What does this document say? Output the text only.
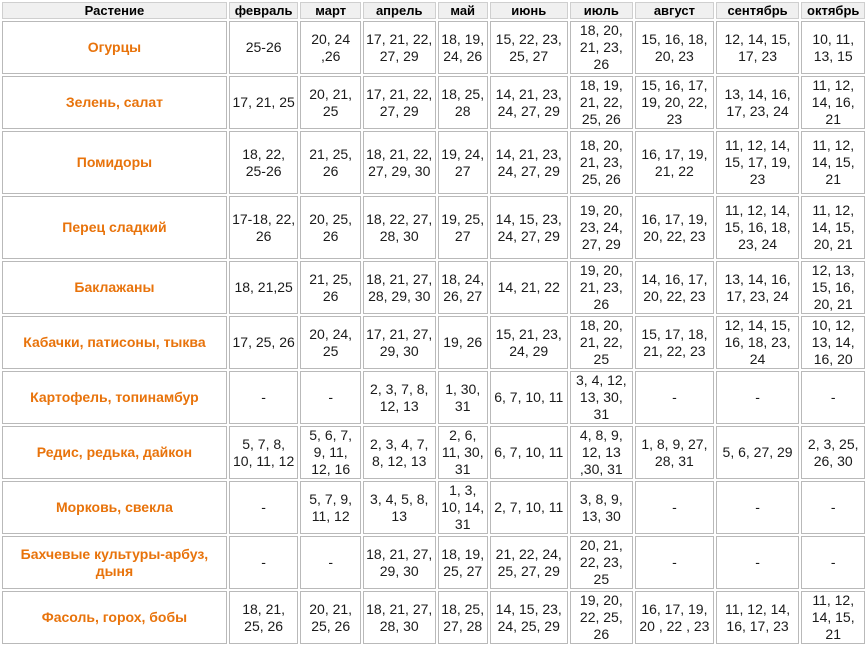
Растение	февраль	март	апрель	май	июнь	июль	август	сентябрь	октябрь
Огурцы	25-26	20, 24 ,26	17, 21, 22, 27, 29	18, 19, 24, 26	15, 22, 23, 25, 27	18, 20, 21, 23, 26	15, 16, 18, 20, 23	12, 14, 15, 17, 23	10, 11, 13, 15
Зелень, салат	17, 21, 25	20, 21, 25	17, 21, 22, 27, 29	18, 25, 28	14, 21, 23, 24, 27, 29	18, 19, 21, 22, 25, 26	15, 16, 17, 19, 20, 22, 23	13, 14, 16, 17, 23, 24	11, 12, 14, 16, 21
Помидоры	18, 22, 25-26	21, 25, 26	18, 21, 22, 27, 29, 30	19, 24, 27	14, 21, 23, 24, 27, 29	18, 20, 21, 23, 25, 26	16, 17, 19, 21, 22	11, 12, 14, 15, 17, 19, 23	11, 12, 14, 15, 21
Перец сладкий	17-18, 22, 26	20, 25, 26	18, 22, 27, 28, 30	19, 25, 27	14, 15, 23, 24, 27, 29	19, 20, 23, 24, 27, 29	16, 17, 19, 20, 22, 23	11, 12, 14, 15, 16, 18, 23, 24	11, 12, 14, 15, 20, 21
Баклажаны	18, 21,25	21, 25, 26	18, 21, 27, 28, 29, 30	18, 24, 26, 27	14, 21, 22	19, 20, 21, 23, 26	14, 16, 17, 20, 22, 23	13, 14, 16, 17, 23, 24	12, 13, 15, 16, 20, 21
Кабачки, патисоны, тыква	17, 25, 26	20, 24, 25	17, 21, 27, 29, 30	19, 26	15, 21, 23, 24, 29	18, 20, 21, 22, 25	15, 17, 18, 21, 22, 23	12, 14, 15, 16, 18, 23, 24	10, 12, 13, 14, 16, 20
Картофель, топинамбур	-	-	2, 3, 7, 8, 12, 13	1, 30, 31	6, 7, 10, 11	3, 4, 12, 13, 30, 31	-	-	-
Редис, редька, дайкон	5, 7, 8, 10, 11, 12	5, 6, 7, 9, 11, 12, 16	2, 3, 4, 7, 8, 12, 13	2, 6, 11, 30, 31	6, 7, 10, 11	4, 8, 9, 12, 13 ,30, 31	1, 8, 9, 27, 28, 31	5, 6, 27, 29	2, 3, 25, 26, 30
Морковь, свекла	-	5, 7, 9, 11, 12	3, 4, 5, 8, 13	1, 3, 10, 14, 31	2, 7, 10, 11	3, 8, 9, 13, 30	-	-	-
Бахчевые культуры-арбуз, дыня	-	-	18, 21, 27, 29, 30	18, 19, 25, 27	21, 22, 24, 25, 27, 29	20, 21, 22, 23, 25	-	-	-
Фасоль, горох, бобы	18, 21, 25, 26	20, 21, 25, 26	18, 21, 27, 28, 30	18, 25, 27, 28	14, 15, 23, 24, 25, 29	19, 20, 22, 25, 26	16, 17, 19, 20 , 22 , 23	11, 12, 14, 16, 17, 23	11, 12, 14, 15, 21
